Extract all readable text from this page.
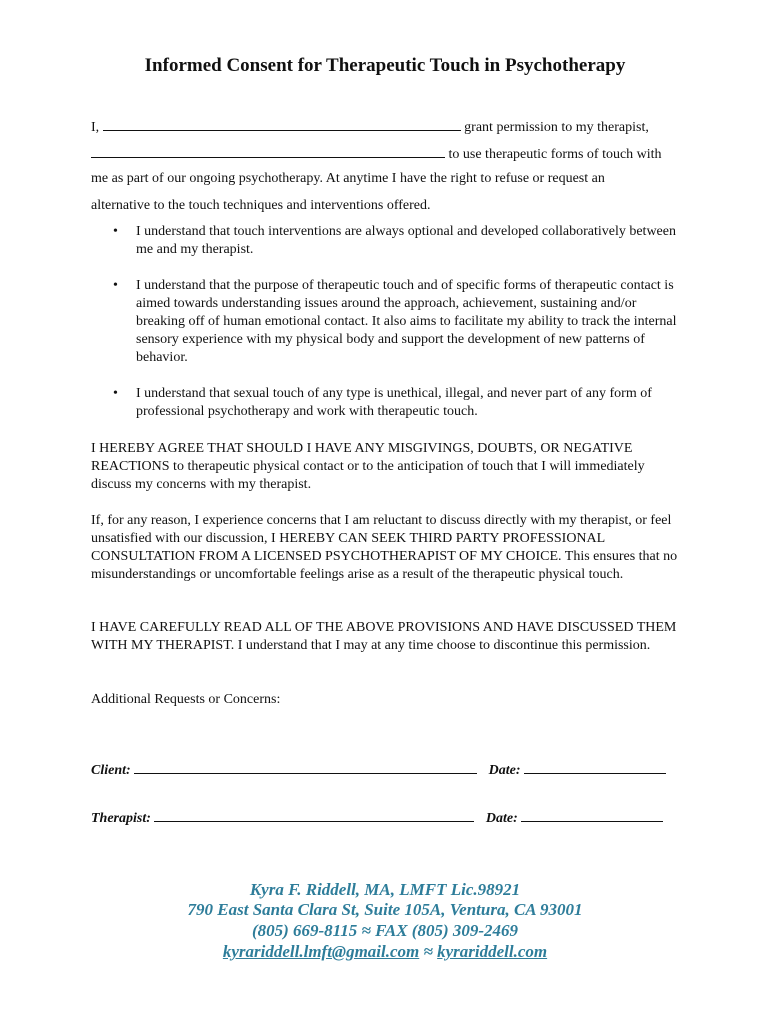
Informed Consent for Therapeutic Touch in Psychotherapy
I,	grant permission to my therapist,
to use therapeutic forms of touch with
me as part of our ongoing psychotherapy. At anytime I have the right to refuse or request an
alternative to the touch techniques and interventions offered.
• I understand that touch interventions are always optional and developed collaboratively between me and my therapist.
• I understand that the purpose of therapeutic touch and of specific forms of therapeutic contact is aimed towards understanding issues around the approach, achievement, sustaining and/or breaking off of human emotional contact. It also aims to facilitate my ability to track the internal sensory experience with my physical body and support the development of new patterns of behavior.
• I understand that sexual touch of any type is unethical, illegal, and never part of any form of professional psychotherapy and work with therapeutic touch.
I HEREBY AGREE THAT SHOULD I HAVE ANY MISGIVINGS, DOUBTS, OR NEGATIVE REACTIONS to therapeutic physical contact or to the anticipation of touch that I will immediately discuss my concerns with my therapist.
If, for any reason, I experience concerns that I am reluctant to discuss directly with my therapist, or feel unsatisfied with our discussion, I HEREBY CAN SEEK THIRD PARTY PROFESSIONAL CONSULTATION FROM A LICENSED PSYCHOTHERAPIST OF MY CHOICE. This ensures that no misunderstandings or uncomfortable feelings arise as a result of the therapeutic physical touch.
I HAVE CAREFULLY READ ALL OF THE ABOVE PROVISIONS AND HAVE DISCUSSED THEM WITH MY THERAPIST. I understand that I may at any time choose to discontinue this permission.
Additional Requests or Concerns:
Client:	Date:
Therapist:	Date:
Kyra F. Riddell, MA, LMFT Lic.98921
790 East Santa Clara St, Suite 105A, Ventura, CA 93001
(805) 669-8115 ≈ FAX (805) 309-2469
kyrariddell.lmft@gmail.com ≈ kyrariddell.com
